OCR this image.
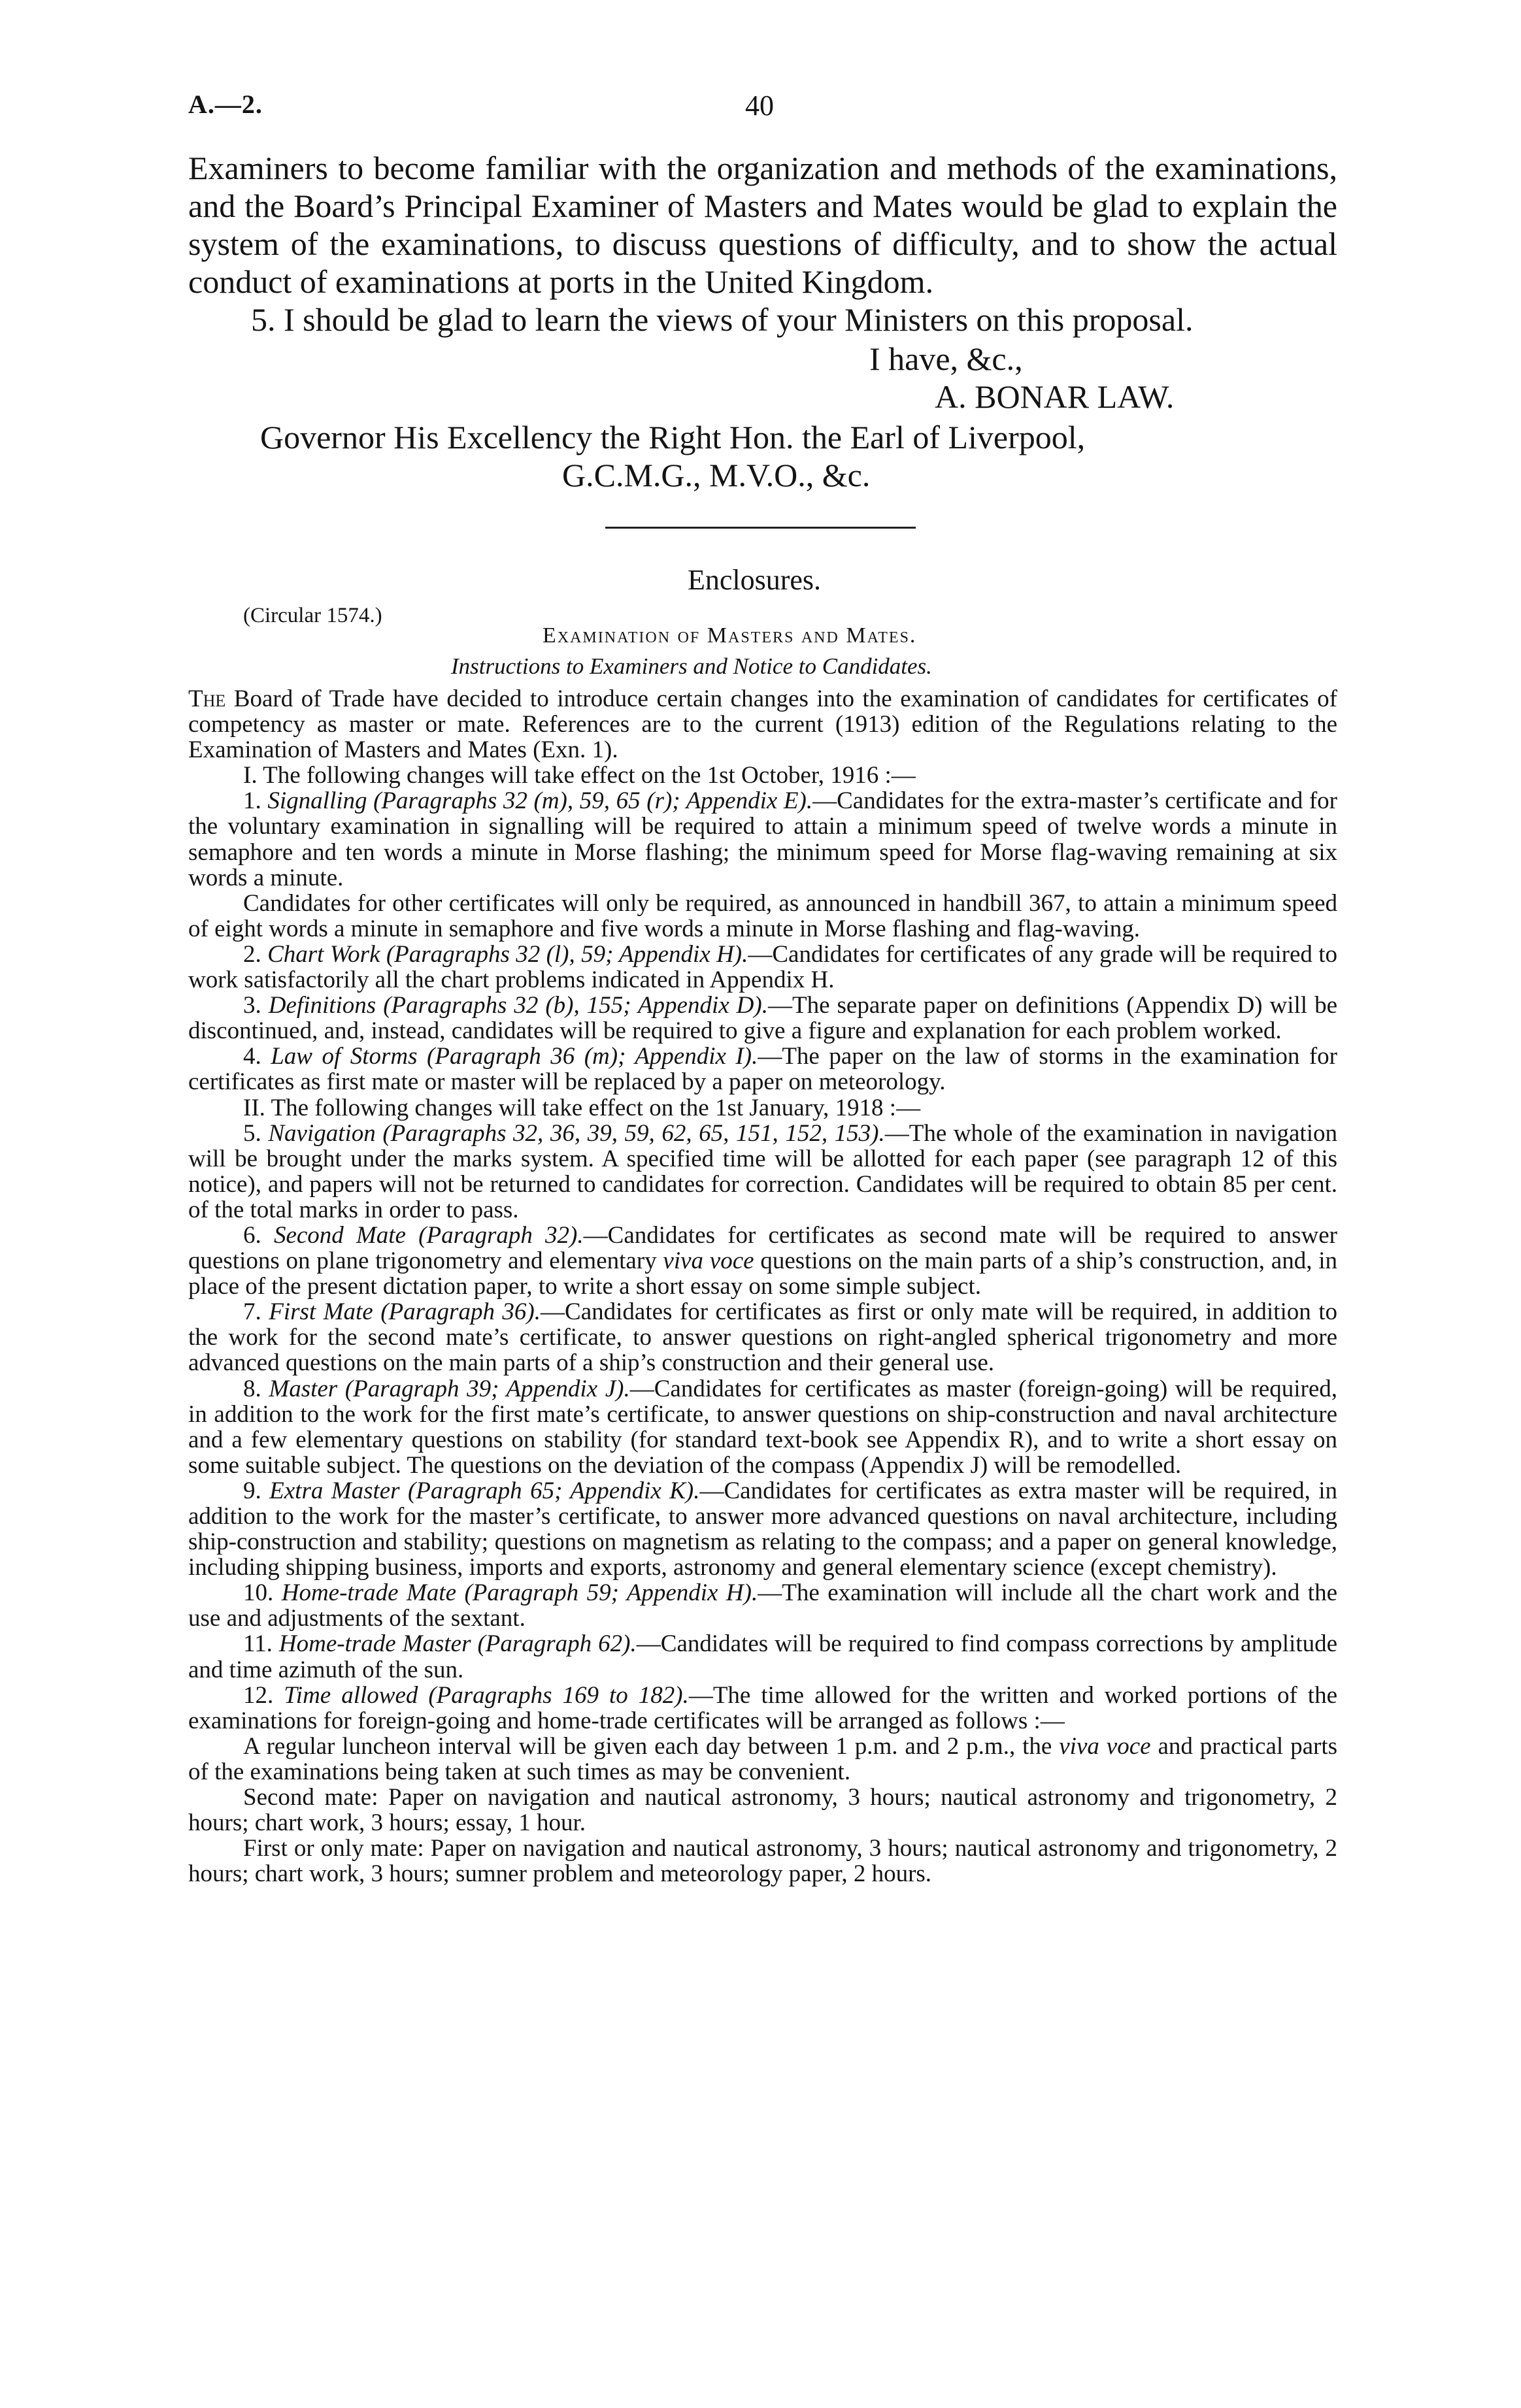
A.—2.	40

Examiners to become familiar with the organization and methods of the examinations, and the Board’s Principal Examiner of Masters and Mates would be glad to explain the system of the examinations, to discuss questions of difficulty, and to show the actual conduct of examinations at ports in the United Kingdom.

5. I should be glad to learn the views of your Ministers on this proposal.

I have, &c.,
A. BONAR LAW.
Governor His Excellency the Right Hon. the Earl of Liverpool,
G.C.M.G., M.V.O., &c.
Enclosures.
(Circular 1574.)
Examination of Masters and Mates.
Instructions to Examiners and Notice to Candidates.

The Board of Trade have decided to introduce certain changes into the examination of candidates for certificates of competency as master or mate. References are to the current (1913) edition of the Regulations relating to the Examination of Masters and Mates (Exn. 1).

I. The following changes will take effect on the 1st October, 1916 :—

1. Signalling (Paragraphs 32 (m), 59, 65 (r); Appendix E).—Candidates for the extra-master’s certificate and for the voluntary examination in signalling will be required to attain a minimum speed of twelve words a minute in semaphore and ten words a minute in Morse flashing; the minimum speed for Morse flag-waving remaining at six words a minute.

Candidates for other certificates will only be required, as announced in handbill 367, to attain a minimum speed of eight words a minute in semaphore and five words a minute in Morse flashing and flag-waving.

2. Chart Work (Paragraphs 32 (l), 59; Appendix H).—Candidates for certificates of any grade will be required to work satisfactorily all the chart problems indicated in Appendix H.

3. Definitions (Paragraphs 32 (b), 155; Appendix D).—The separate paper on definitions (Appendix D) will be discontinued, and, instead, candidates will be required to give a figure and explanation for each problem worked.

4. Law of Storms (Paragraph 36 (m); Appendix I).—The paper on the law of storms in the examination for certificates as first mate or master will be replaced by a paper on meteorology.

II. The following changes will take effect on the 1st January, 1918 :—

5. Navigation (Paragraphs 32, 36, 39, 59, 62, 65, 151, 152, 153).—The whole of the examination in navigation will be brought under the marks system. A specified time will be allotted for each paper (see paragraph 12 of this notice), and papers will not be returned to candidates for correction. Candidates will be required to obtain 85 per cent. of the total marks in order to pass.

6. Second Mate (Paragraph 32).—Candidates for certificates as second mate will be required to answer questions on plane trigonometry and elementary viva voce questions on the main parts of a ship’s construction, and, in place of the present dictation paper, to write a short essay on some simple subject.

7. First Mate (Paragraph 36).—Candidates for certificates as first or only mate will be required, in addition to the work for the second mate’s certificate, to answer questions on right-angled spherical trigonometry and more advanced questions on the main parts of a ship’s construction and their general use.

8. Master (Paragraph 39; Appendix J).—Candidates for certificates as master (foreign-going) will be required, in addition to the work for the first mate’s certificate, to answer questions on ship-construction and naval architecture and a few elementary questions on stability (for standard text-book see Appendix R), and to write a short essay on some suitable subject. The questions on the deviation of the compass (Appendix J) will be remodelled.

9. Extra Master (Paragraph 65; Appendix K).—Candidates for certificates as extra master will be required, in addition to the work for the master’s certificate, to answer more advanced questions on naval architecture, including ship-construction and stability; questions on magnetism as relating to the compass; and a paper on general knowledge, including shipping business, imports and exports, astronomy and general elementary science (except chemistry).

10. Home-trade Mate (Paragraph 59; Appendix H).—The examination will include all the chart work and the use and adjustments of the sextant.

11. Home-trade Master (Paragraph 62).—Candidates will be required to find compass corrections by amplitude and time azimuth of the sun.

12. Time allowed (Paragraphs 169 to 182).—The time allowed for the written and worked portions of the examinations for foreign-going and home-trade certificates will be arranged as follows :—

A regular luncheon interval will be given each day between 1 p.m. and 2 p.m., the viva voce and practical parts of the examinations being taken at such times as may be convenient.

Second mate: Paper on navigation and nautical astronomy, 3 hours; nautical astronomy and trigonometry, 2 hours; chart work, 3 hours; essay, 1 hour.

First or only mate: Paper on navigation and nautical astronomy, 3 hours; nautical astronomy and trigonometry, 2 hours; chart work, 3 hours; sumner problem and meteorology paper, 2 hours.
